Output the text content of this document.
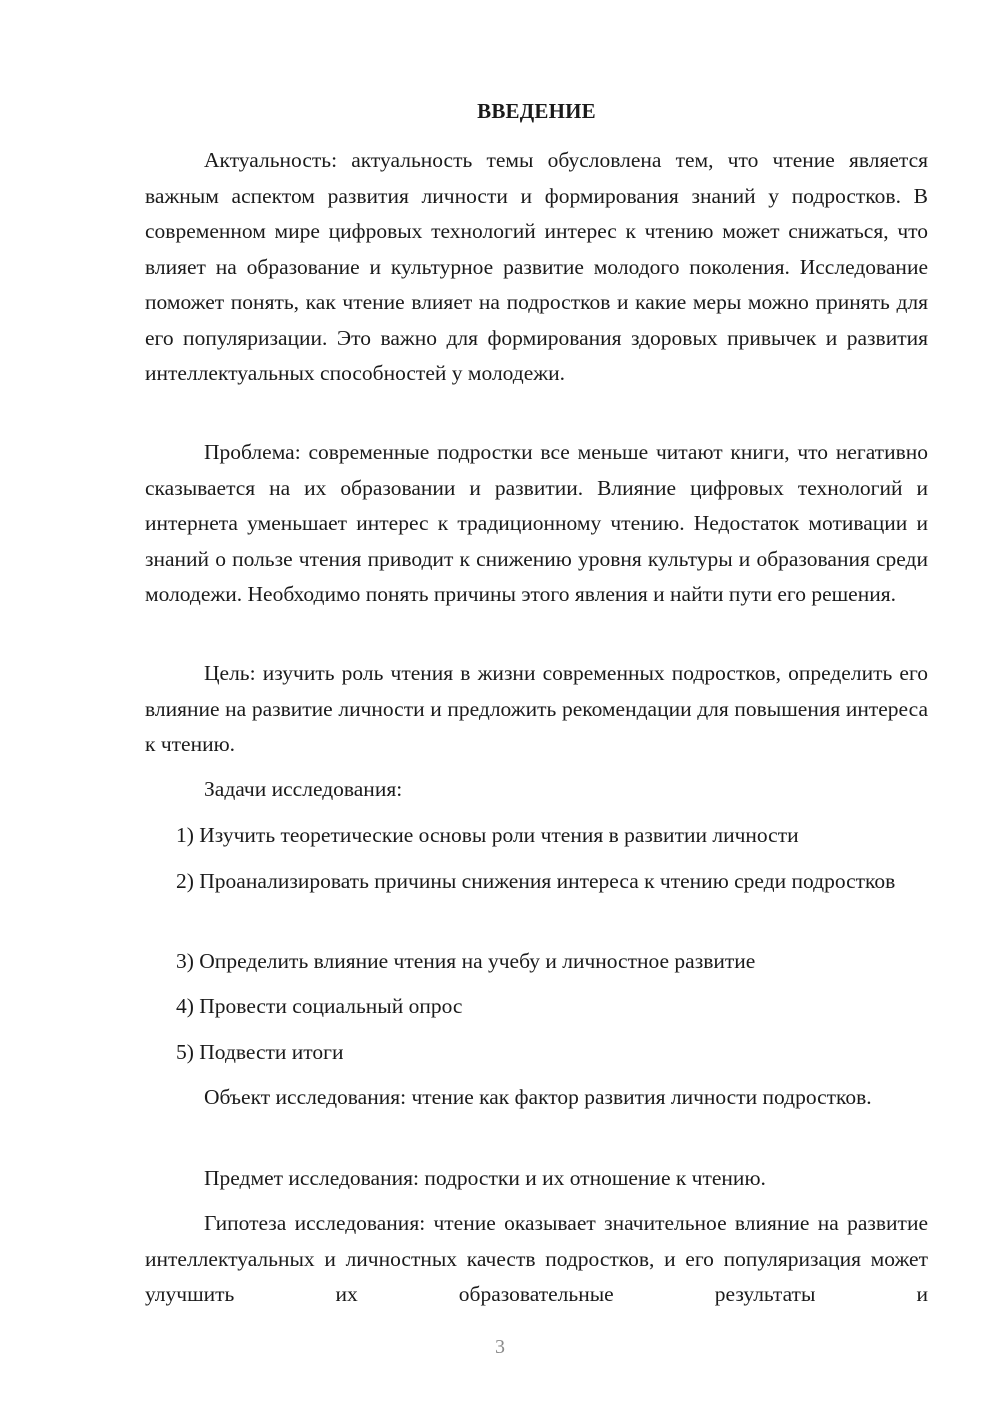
ВВЕДЕНИЕ

Актуальность: актуальность темы обусловлена тем, что чтение является важным аспектом развития личности и формирования знаний у подростков. В современном мире цифровых технологий интерес к чтению может снижаться, что влияет на образование и культурное развитие молодого поколения. Исследование поможет понять, как чтение влияет на подростков и какие меры можно принять для его популяризации. Это важно для формирования здоровых привычек и развития интеллектуальных способностей у молодежи.

Проблема: современные подростки все меньше читают книги, что негативно сказывается на их образовании и развитии. Влияние цифровых технологий и интернета уменьшает интерес к традиционному чтению. Недостаток мотивации и знаний о пользе чтения приводит к снижению уровня культуры и образования среди молодежи. Необходимо понять причины этого явления и найти пути его решения.

Цель: изучить роль чтения в жизни современных подростков, определить его влияние на развитие личности и предложить рекомендации для повышения интереса к чтению.

Задачи исследования:

1) Изучить теоретические основы роли чтения в развитии личности

2) Проанализировать причины снижения интереса к чтению среди подростков

3) Определить влияние чтения на учебу и личностное развитие

4) Провести социальный опрос

5) Подвести итоги

Объект исследования: чтение как фактор развития личности подростков.

Предмет исследования: подростки и их отношение к чтению.

Гипотеза исследования: чтение оказывает значительное влияние на развитие интеллектуальных и личностных качеств подростков, и его популяризация может улучшить их образовательные результаты и

3
